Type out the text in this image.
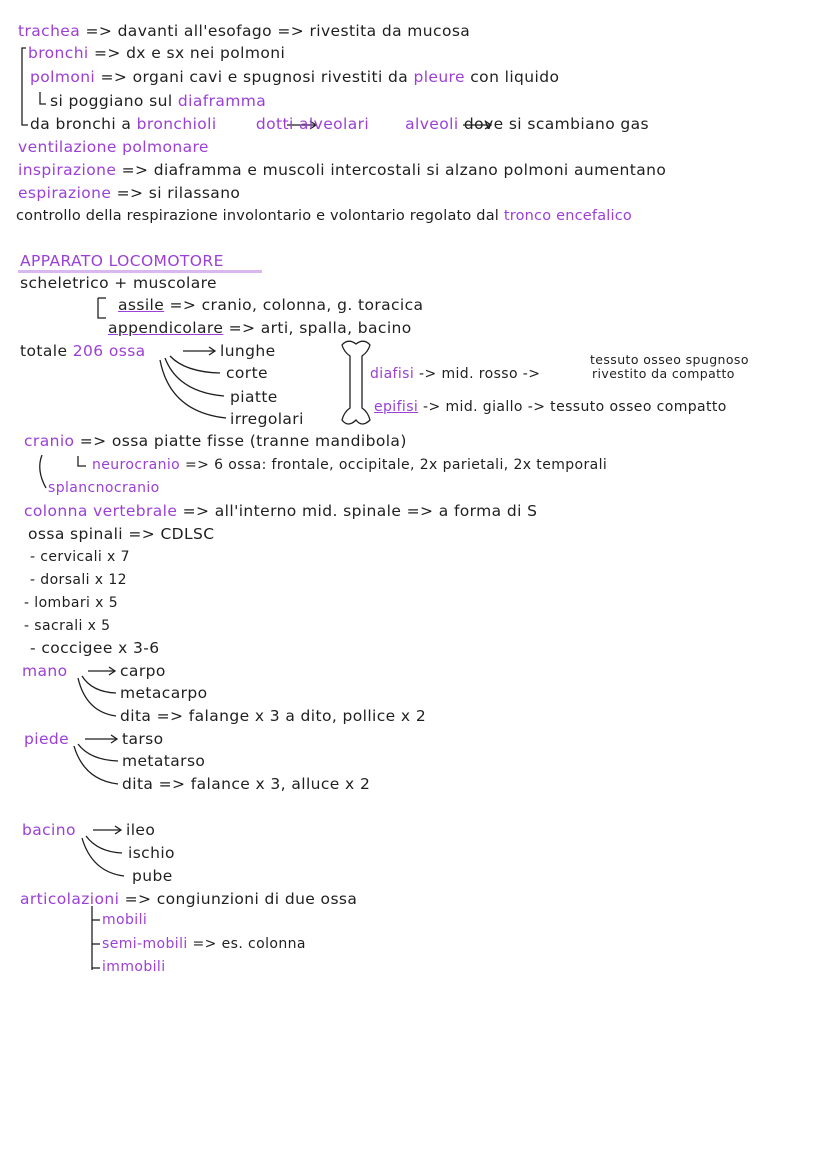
trachea => davanti all'esofago => rivestita da mucosa
bronchi => dx e sx nei polmoni
polmoni => organi cavi e spugnosi rivestiti da pleure con liquido
si poggiano sul diaframma
da bronchi a bronchioli dotti alveolari alveoli dove si scambiano gas
ventilazione polmonare
inspirazione => diaframma e muscoli intercostali si alzano polmoni aumentano
espirazione => si rilassano
controllo della respirazione involontario e volontario regolato dal tronco encefalico
APPARATO LOCOMOTORE
scheletrico + muscolare
assile => cranio, colonna, g. toracica
appendicolare => arti, spalla, bacino
totale 206 ossa	lunghe
corte
piatte
irregolari
diafisi -> mid. rosso ->
tessuto osseo spugnoso
rivestito da compatto
epifisi -> mid. giallo -> tessuto osseo compatto
cranio => ossa piatte fisse (tranne mandibola)
neurocranio => 6 ossa: frontale, occipitale, 2x parietali, 2x temporali
splancnocranio
colonna vertebrale => all'interno mid. spinale => a forma di S
ossa spinali => CDLSC
- cervicali x 7
- dorsali x 12
- lombari x 5
- sacrali x 5
- coccigee x 3-6
mano	carpo
metacarpo
dita => falange x 3 a dito, pollice x 2
piede	tarso
metatarso
dita => falance x 3, alluce x 2
bacino	ileo
ischio
pube
articolazioni => congiunzioni di due ossa
mobili
semi-mobili => es. colonna
immobili
